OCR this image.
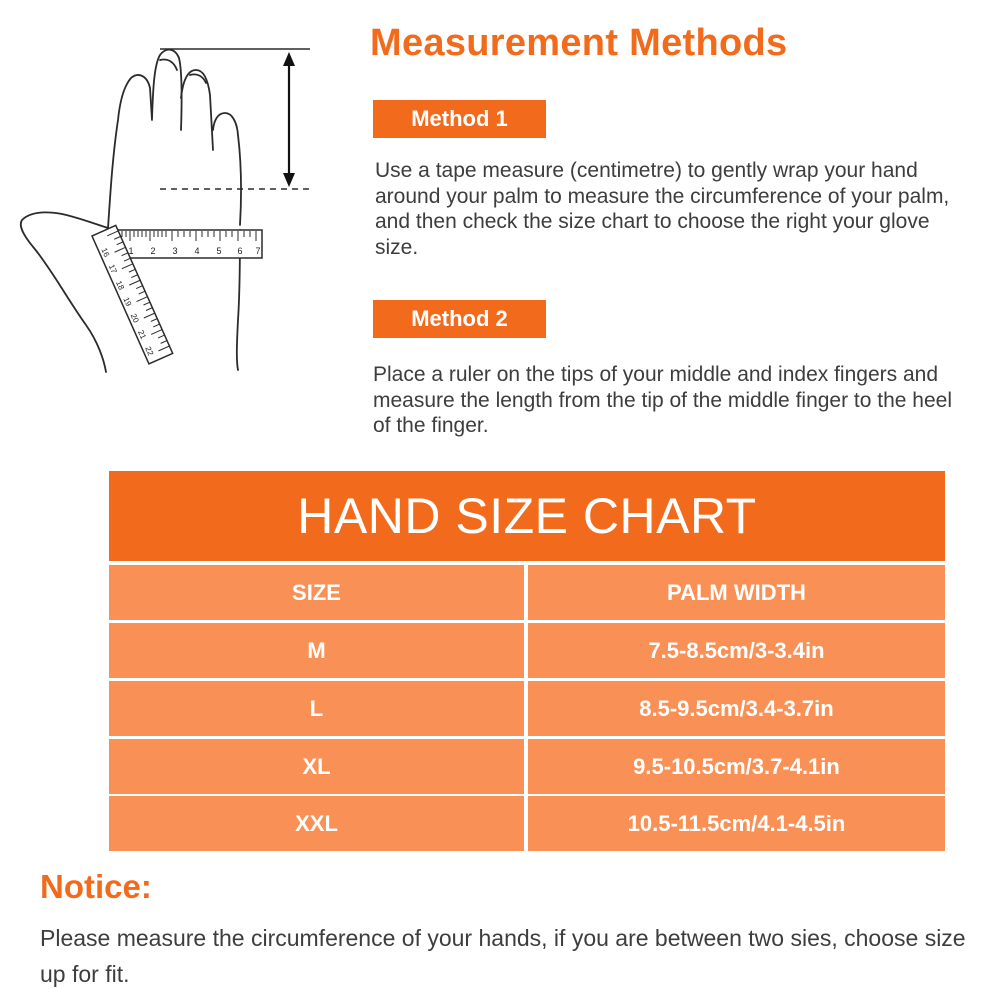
1 2 3 4 5 6 7
16
17
18
19
20
21
22
Measurement Methods
Method 1
Use a tape measure (centimetre) to gently wrap your hand around your palm to measure the circumference of your palm, and then check the size chart to choose the right your glove size.
Method 2
Place a ruler on the tips of your middle and index fingers and measure the length from the tip of the middle finger to the heel of the finger.
HAND SIZE CHART
SIZE	PALM WIDTH
M	7.5-8.5cm/3-3.4in
L	8.5-9.5cm/3.4-3.7in
XL	9.5-10.5cm/3.7-4.1in
XXL	10.5-11.5cm/4.1-4.5in
Notice:
Please measure the circumference of your hands, if you are between two sies, choose size up for fit.
